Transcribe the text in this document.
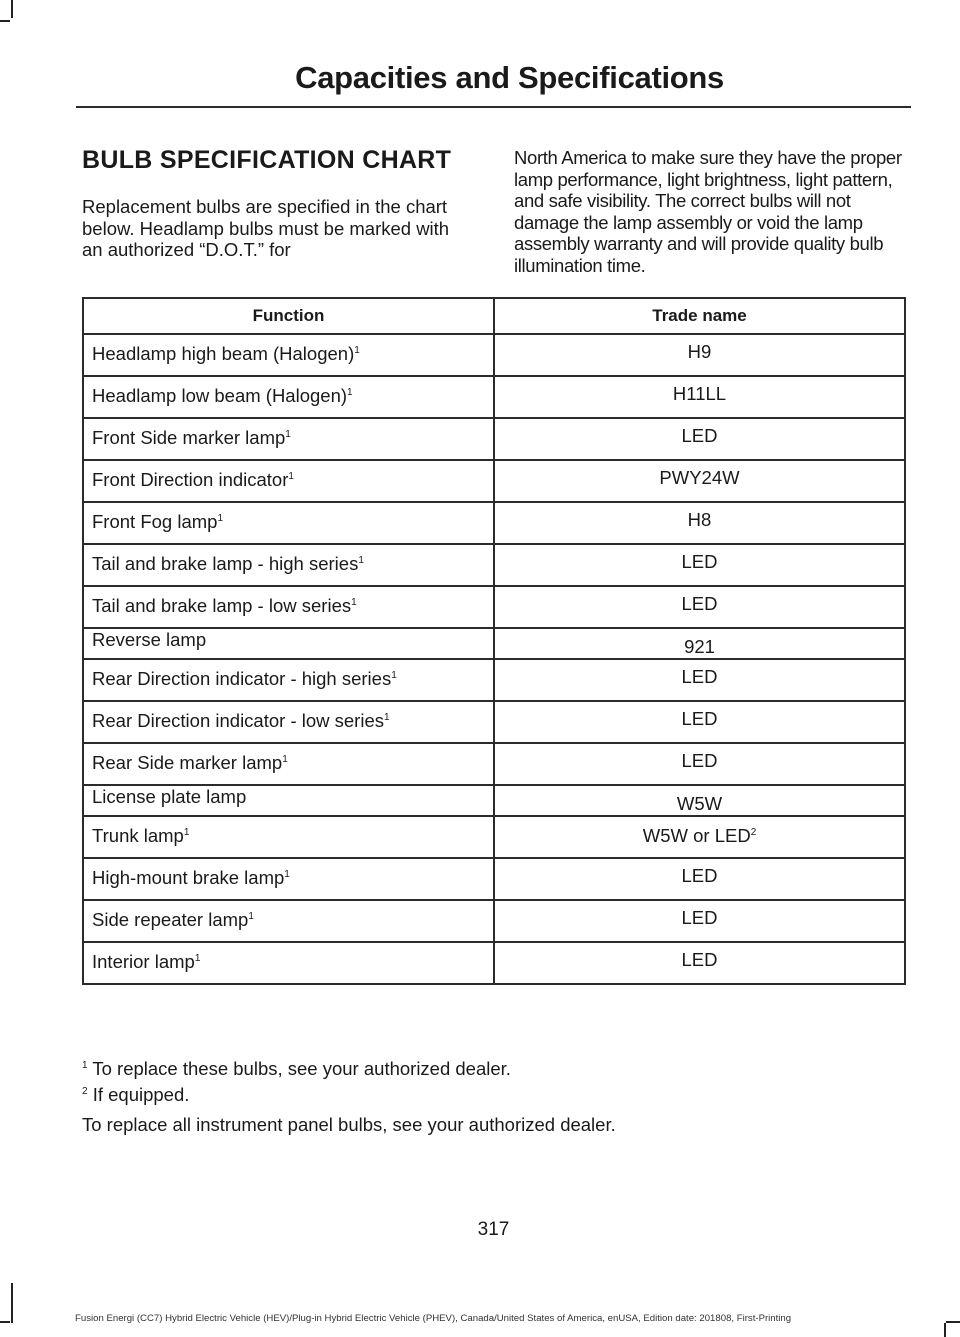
Capacities and Specifications
BULB SPECIFICATION CHART

Replacement bulbs are specified in the chart below. Headlamp bulbs must be marked with an authorized “D.O.T.” for

North America to make sure they have the proper lamp performance, light brightness, light pattern, and safe visibility. The correct bulbs will not damage the lamp assembly or void the lamp assembly warranty and will provide quality bulb illumination time.

Function	Trade name
Headlamp high beam (Halogen)$^1$	H9
Headlamp low beam (Halogen)$^1$	H11LL
Front Side marker lamp$^1$	LED
Front Direction indicator$^1$	PWY24W
Front Fog lamp$^1$	H8
Tail and brake lamp - high series$^1$	LED
Tail and brake lamp - low series$^1$	LED
Reverse lamp	921
Rear Direction indicator - high series$^1$	LED
Rear Direction indicator - low series$^1$	LED
Rear Side marker lamp$^1$	LED
License plate lamp	W5W
Trunk lamp$^1$	W5W or LED$^2$
High-mount brake lamp$^1$	LED
Side repeater lamp$^1$	LED
Interior lamp$^1$	LED

$^1$ To replace these bulbs, see your authorized dealer.

$^2$ If equipped.

To replace all instrument panel bulbs, see your authorized dealer.

317

Fusion Energi (CC7) Hybrid Electric Vehicle (HEV)/Plug-in Hybrid Electric Vehicle (PHEV), Canada/United States of America, enUSA, Edition date: 201808, First-Printing
